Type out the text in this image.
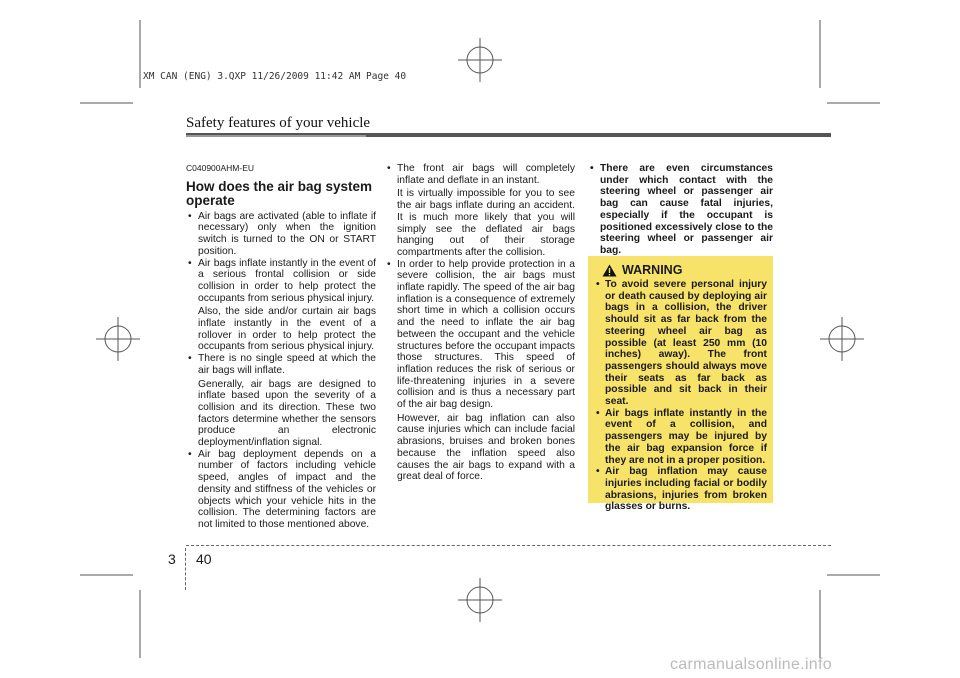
XM CAN (ENG) 3.QXP 11/26/2009 11:42 AM Page 40
Safety features of your vehicle
C040900AHM-EU
How does the air bag system operate
• Air bags are activated (able to inflate if necessary) only when the ignition switch is turned to the ON or START position.
• Air bags inflate instantly in the event of a serious frontal collision or side collision in order to help protect the occupants from serious physical injury.

Also, the side and/or curtain air bags inflate instantly in the event of a rollover in order to help protect the occupants from serious physical injury.

• There is no single speed at which the air bags will inflate.

Generally, air bags are designed to inflate based upon the severity of a collision and its direction. These two factors determine whether the sensors produce an electronic deployment/inflation signal.

• Air bag deployment depends on a number of factors including vehicle speed, angles of impact and the density and stiffness of the vehicles or objects which your vehicle hits in the collision. The determining factors are not limited to those mentioned above.
• The front air bags will completely inflate and deflate in an instant.

It is virtually impossible for you to see the air bags inflate during an accident. It is much more likely that you will simply see the deflated air bags hanging out of their storage compartments after the collision.

• In order to help provide protection in a severe collision, the air bags must inflate rapidly. The speed of the air bag inflation is a consequence of extremely short time in which a collision occurs and the need to inflate the air bag between the occupant and the vehicle structures before the occupant impacts those structures. This speed of inflation reduces the risk of serious or life-threatening injuries in a severe collision and is thus a necessary part of the air bag design.

However, air bag inflation can also cause injuries which can include facial abrasions, bruises and broken bones because the inflation speed also causes the air bags to expand with a great deal of force.

• There are even circumstances under which contact with the steering wheel or passenger air bag can cause fatal injuries, especially if the occupant is positioned excessively close to the steering wheel or passenger air bag.
WARNING
• To avoid severe personal injury or death caused by deploying air bags in a collision, the driver should sit as far back from the steering wheel air bag as possible (at least 250 mm (10 inches) away). The front passengers should always move their seats as far back as possible and sit back in their seat.
• Air bags inflate instantly in the event of a collision, and passengers may be injured by the air bag expansion force if they are not in a proper position.
• Air bag inflation may cause injuries including facial or bodily abrasions, injuries from broken glasses or burns.
3 40
carmanualsonline.info
